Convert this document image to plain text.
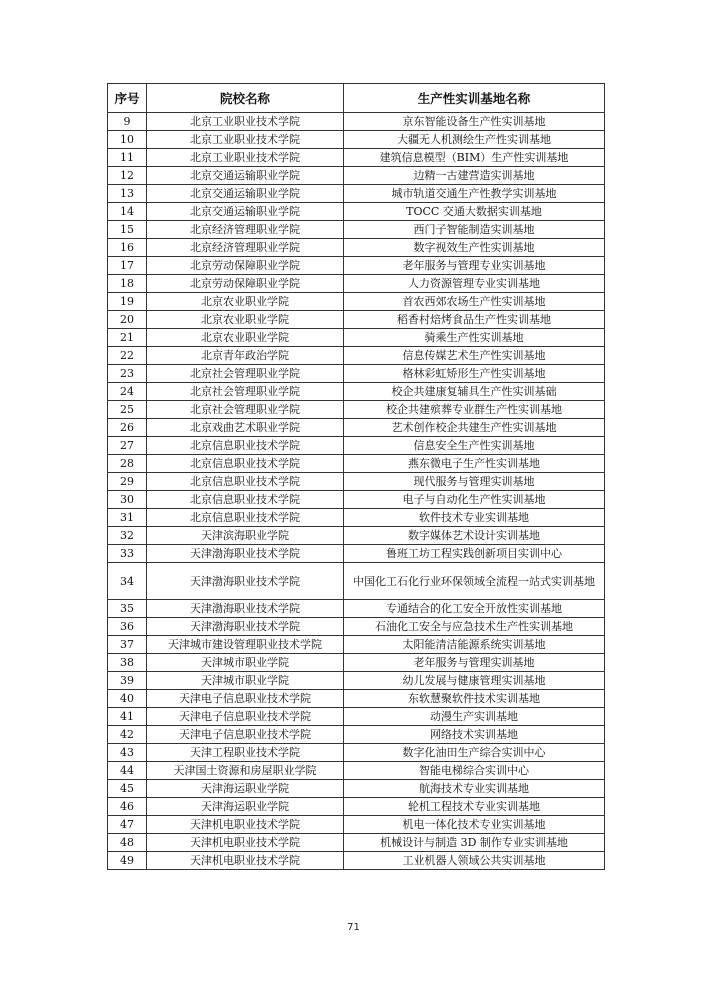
序号	院校名称	生产性实训基地名称
9	北京工业职业技术学院	京东智能设备生产性实训基地
10	北京工业职业技术学院	大疆无人机测绘生产性实训基地
11	北京工业职业技术学院	建筑信息模型（BIM）生产性实训基地
12	北京交通运输职业学院	边精一古建营造实训基地
13	北京交通运输职业学院	城市轨道交通生产性教学实训基地
14	北京交通运输职业学院	TOCC 交通大数据实训基地
15	北京经济管理职业学院	西门子智能制造实训基地
16	北京经济管理职业学院	数字视效生产性实训基地
17	北京劳动保障职业学院	老年服务与管理专业实训基地
18	北京劳动保障职业学院	人力资源管理专业实训基地
19	北京农业职业学院	首农西郊农场生产性实训基地
20	北京农业职业学院	稻香村焙烤食品生产性实训基地
21	北京农业职业学院	骑乘生产性实训基地
22	北京青年政治学院	信息传媒艺术生产性实训基地
23	北京社会管理职业学院	格林彩虹矫形生产性实训基地
24	北京社会管理职业学院	校企共建康复辅具生产性实训基础
25	北京社会管理职业学院	校企共建殡葬专业群生产性实训基地
26	北京戏曲艺术职业学院	艺术创作校企共建生产性实训基地
27	北京信息职业技术学院	信息安全生产性实训基地
28	北京信息职业技术学院	燕东微电子生产性实训基地
29	北京信息职业技术学院	现代服务与管理实训基地
30	北京信息职业技术学院	电子与自动化生产性实训基地
31	北京信息职业技术学院	软件技术专业实训基地
32	天津滨海职业学院	数字媒体艺术设计实训基地
33	天津渤海职业技术学院	鲁班工坊工程实践创新项目实训中心
34	天津渤海职业技术学院	中国化工石化行业环保领域全流程一站式实训基地
35	天津渤海职业技术学院	专通结合的化工安全开放性实训基地
36	天津渤海职业技术学院	石油化工安全与应急技术生产性实训基地
37	天津城市建设管理职业技术学院	太阳能清洁能源系统实训基地
38	天津城市职业学院	老年服务与管理实训基地
39	天津城市职业学院	幼儿发展与健康管理实训基地
40	天津电子信息职业技术学院	东软慧聚软件技术实训基地
41	天津电子信息职业技术学院	动漫生产实训基地
42	天津电子信息职业技术学院	网络技术实训基地
43	天津工程职业技术学院	数字化油田生产综合实训中心
44	天津国土资源和房屋职业学院	智能电梯综合实训中心
45	天津海运职业学院	航海技术专业实训基地
46	天津海运职业学院	轮机工程技术专业实训基地
47	天津机电职业技术学院	机电一体化技术专业实训基地
48	天津机电职业技术学院	机械设计与制造 3D 制作专业实训基地
49	天津机电职业技术学院	工业机器人领域公共实训基地
71
